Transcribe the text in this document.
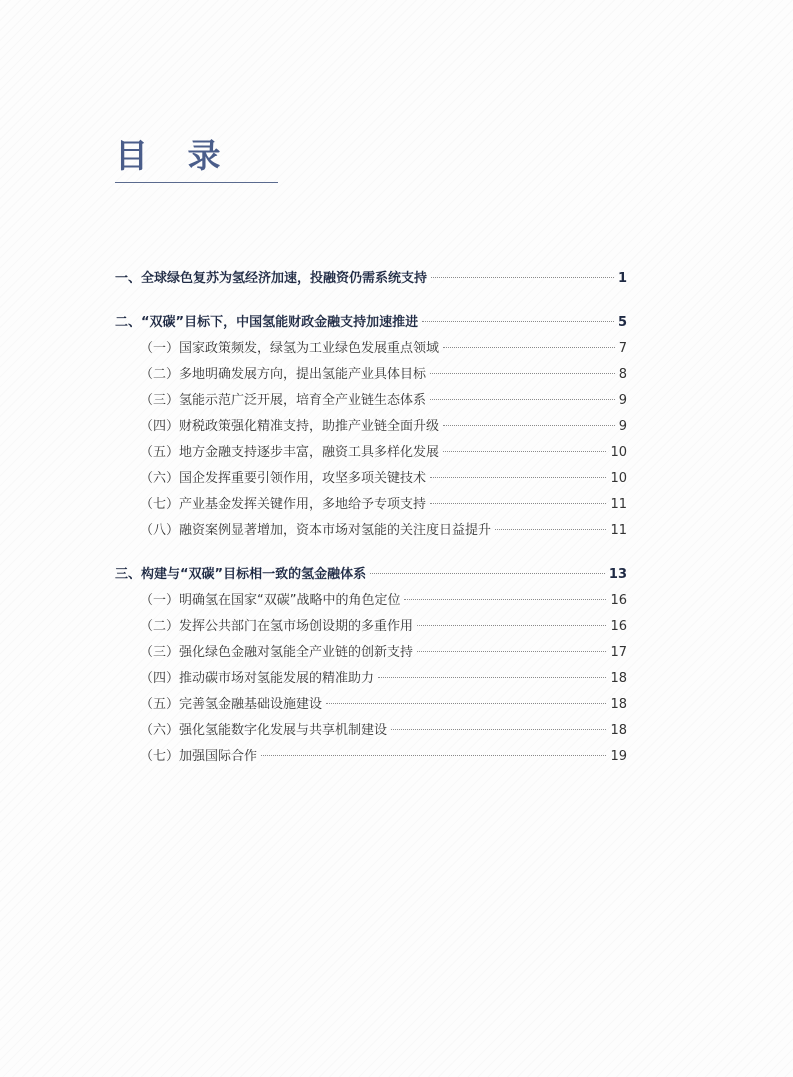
目 录
一、全球绿色复苏为氢经济加速，投融资仍需系统支持	1
二、“双碳”目标下，中国氢能财政金融支持加速推进	5
（一）国家政策频发，绿氢为工业绿色发展重点领域	7
（二）多地明确发展方向，提出氢能产业具体目标	8
（三）氢能示范广泛开展，培育全产业链生态体系	9
（四）财税政策强化精准支持，助推产业链全面升级	9
（五）地方金融支持逐步丰富，融资工具多样化发展	10
（六）国企发挥重要引领作用，攻坚多项关键技术	10
（七）产业基金发挥关键作用，多地给予专项支持	11
（八）融资案例显著增加，资本市场对氢能的关注度日益提升	11
三、构建与“双碳”目标相一致的氢金融体系	13
（一）明确氢在国家“双碳”战略中的角色定位	16
（二）发挥公共部门在氢市场创设期的多重作用	16
（三）强化绿色金融对氢能全产业链的创新支持	17
（四）推动碳市场对氢能发展的精准助力	18
（五）完善氢金融基础设施建设	18
（六）强化氢能数字化发展与共享机制建设	18
（七）加强国际合作	19
